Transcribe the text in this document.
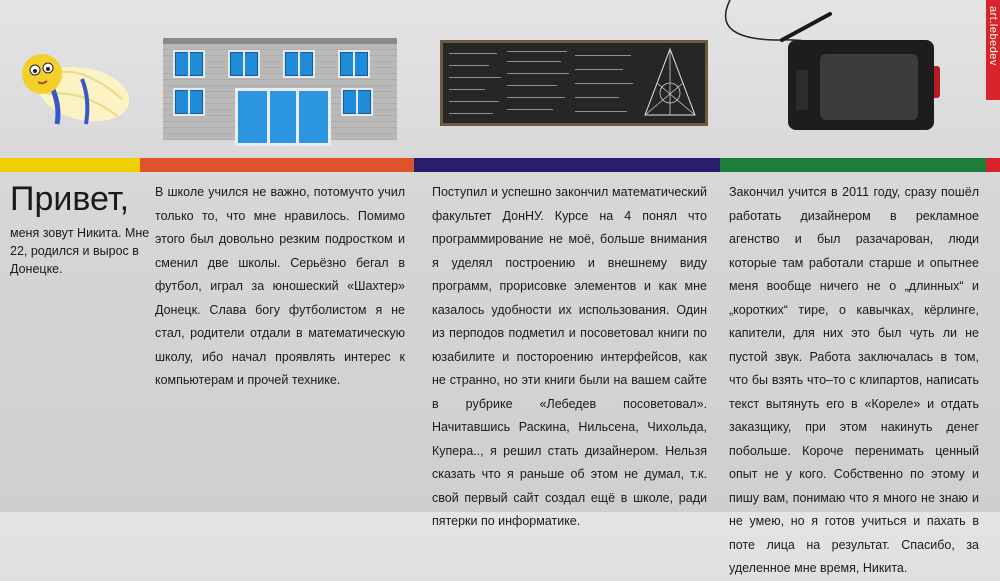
art.lebedev
Привет,
меня зовут Никита. Мне 22, родился и вырос в Донецке.
В школе учился не важно, потомучто учил только то, что мне нравилось. Помимо этого был довольно резким подростком и сменил две школы. Серьёзно бегал в футбол, играл за юношеский «Шахтер» Донецк. Слава богу футболистом я не стал, родители отдали в математическую школу, ибо начал проявлять интерес к компьютерам и прочей технике.
Поступил и успешно закончил математический факультет ДонНУ. Курсе на 4 понял что программирование не моё, больше внимания я уделял построению и внешнему виду программ, прорисовке элементов и как мне казалось удобности их использования. Один из перподов подметил и посоветовал книги по юзабилите и постороению интерфейсов, как не странно, но эти книги были на вашем сайте в рубрике «Лебедев посоветовал». Начитавшись Раскина, Нильсена, Чихольда, Купера.., я решил стать дизайнером. Нельзя сказать что я раньше об этом не думал, т.к. свой первый сайт создал ещё в школе, ради пятерки по информатике.
Закончил учится в 2011 году, сразу пошёл работать дизайнером в рекламное агенство и был разачарован, люди которые там работали старше и опытнее меня вообще ничего не о „длинных“ и „коротких“ тире, о кавычках, кёрлинге, капители, для них это был чуть ли не пустой звук. Работа заключалась в том, что бы взять что–то с клипартов, написать текст вытянуть его в «Кореле» и отдать заказщику, при этом накинуть денег побольше. Короче перенимать ценный опыт не у кого. Собственно по этому и пишу вам, понимаю что я много не знаю и не умею, но я готов учиться и пахать в поте лица на результат. Спасибо, за уделенное мне время, Никита.
